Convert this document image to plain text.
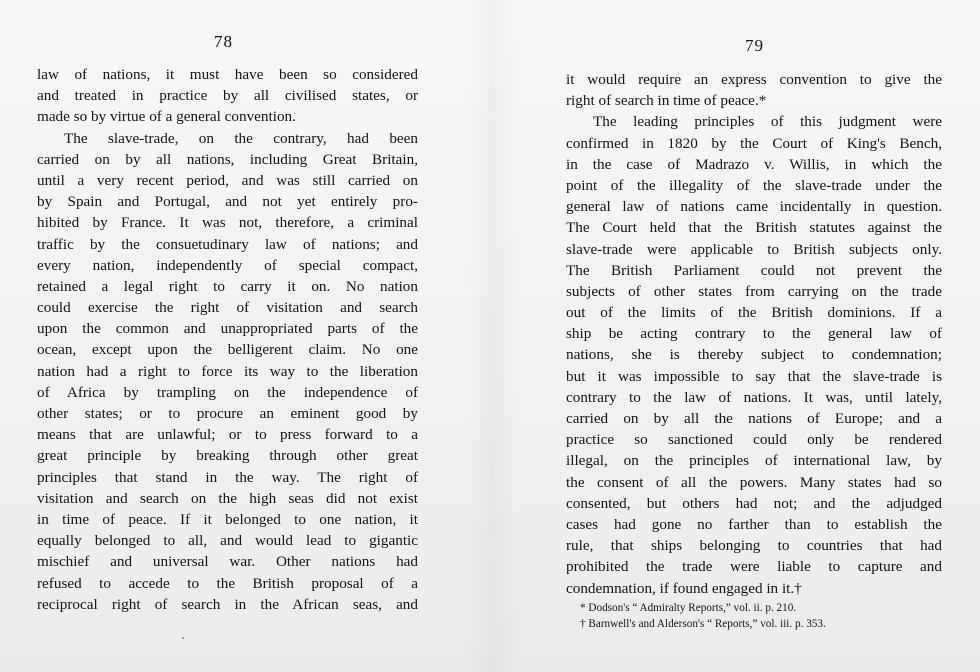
78
law of nations, it must have been so considered
and treated in practice by all civilised states, or
made so by virtue of a general convention.
The slave-trade, on the contrary, had been
carried on by all nations, including Great Britain,
until a very recent period, and was still carried on
by Spain and Portugal, and not yet entirely pro-
hibited by France. It was not, therefore, a criminal
traffic by the consuetudinary law of nations; and
every nation, independently of special compact,
retained a legal right to carry it on. No nation
could exercise the right of visitation and search
upon the common and unappropriated parts of the
ocean, except upon the belligerent claim. No one
nation had a right to force its way to the liberation
of Africa by trampling on the independence of
other states; or to procure an eminent good by
means that are unlawful; or to press forward to a
great principle by breaking through other great
principles that stand in the way. The right of
visitation and search on the high seas did not exist
in time of peace. If it belonged to one nation, it
equally belonged to all, and would lead to gigantic
mischief and universal war. Other nations had
refused to accede to the British proposal of a
reciprocal right of search in the African seas, and
79
it would require an express convention to give the
right of search in time of peace.*
The leading principles of this judgment were
confirmed in 1820 by the Court of King's Bench,
in the case of Madrazo v. Willis, in which the
point of the illegality of the slave-trade under the
general law of nations came incidentally in question.
The Court held that the British statutes against the
slave-trade were applicable to British subjects only.
The British Parliament could not prevent the
subjects of other states from carrying on the trade
out of the limits of the British dominions. If a
ship be acting contrary to the general law of
nations, she is thereby subject to condemnation;
but it was impossible to say that the slave-trade is
contrary to the law of nations. It was, until lately,
carried on by all the nations of Europe; and a
practice so sanctioned could only be rendered
illegal, on the principles of international law, by
the consent of all the powers. Many states had so
consented, but others had not; and the adjudged
cases had gone no farther than to establish the
rule, that ships belonging to countries that had
prohibited the trade were liable to capture and
condemnation, if found engaged in it.†
* Dodson's “ Admiralty Reports,” vol. ii. p. 210.
† Barnwell's and Alderson's “ Reports,” vol. iii. p. 353.
